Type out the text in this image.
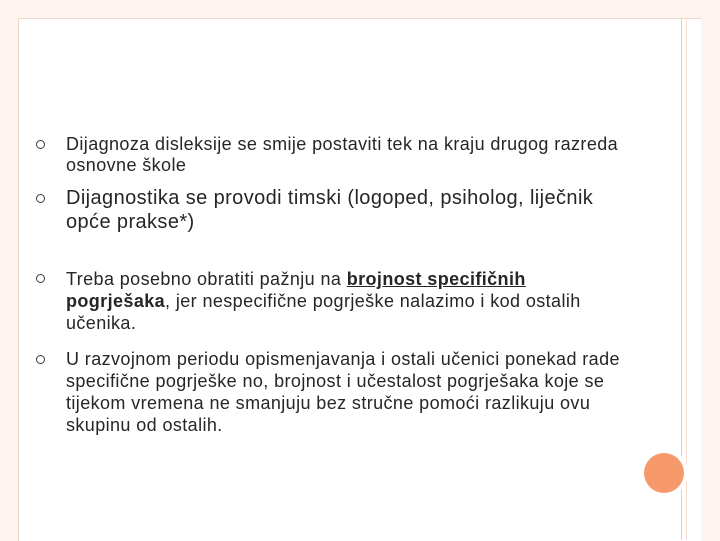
Dijagnoza disleksije se smije postaviti tek na kraju drugog razreda osnovne škole
Dijagnostika se provodi timski (logoped, psiholog, liječnik opće prakse*)
Treba posebno obratiti pažnju na brojnost specifičnih pogrješaka, jer nespecifične pogrješke nalazimo i kod ostalih učenika.
U razvojnom periodu opismenjavanja i ostali učenici ponekad rade specifične pogrješke no, brojnost i učestalost pogrješaka koje se tijekom vremena ne smanjuju bez stručne pomoći razlikuju ovu skupinu od ostalih.
